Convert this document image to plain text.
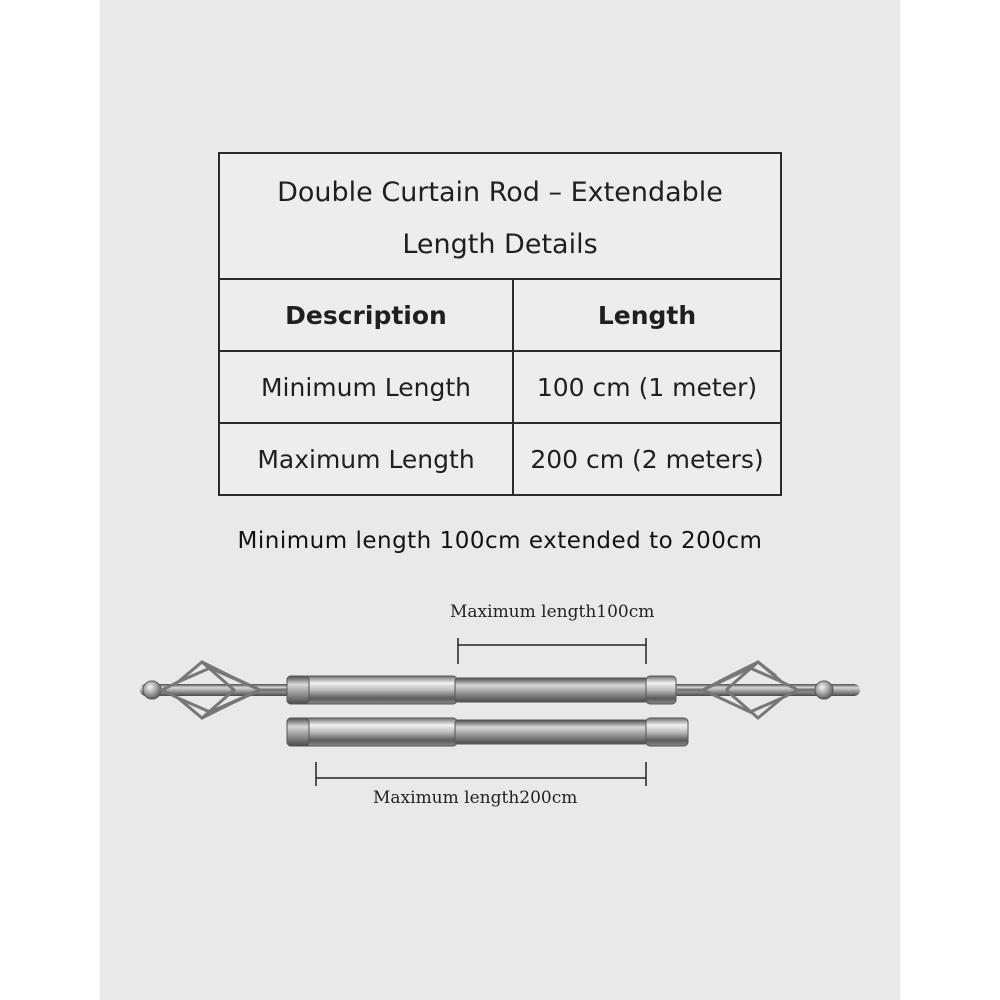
Double Curtain Rod – Extendable Length Details	
Description	Length
Minimum Length	100 cm (1 meter)
Maximum Length	200 cm (2 meters)
Minimum length 100cm extended to 200cm
Maximum length100cm
Maximum length200cm
